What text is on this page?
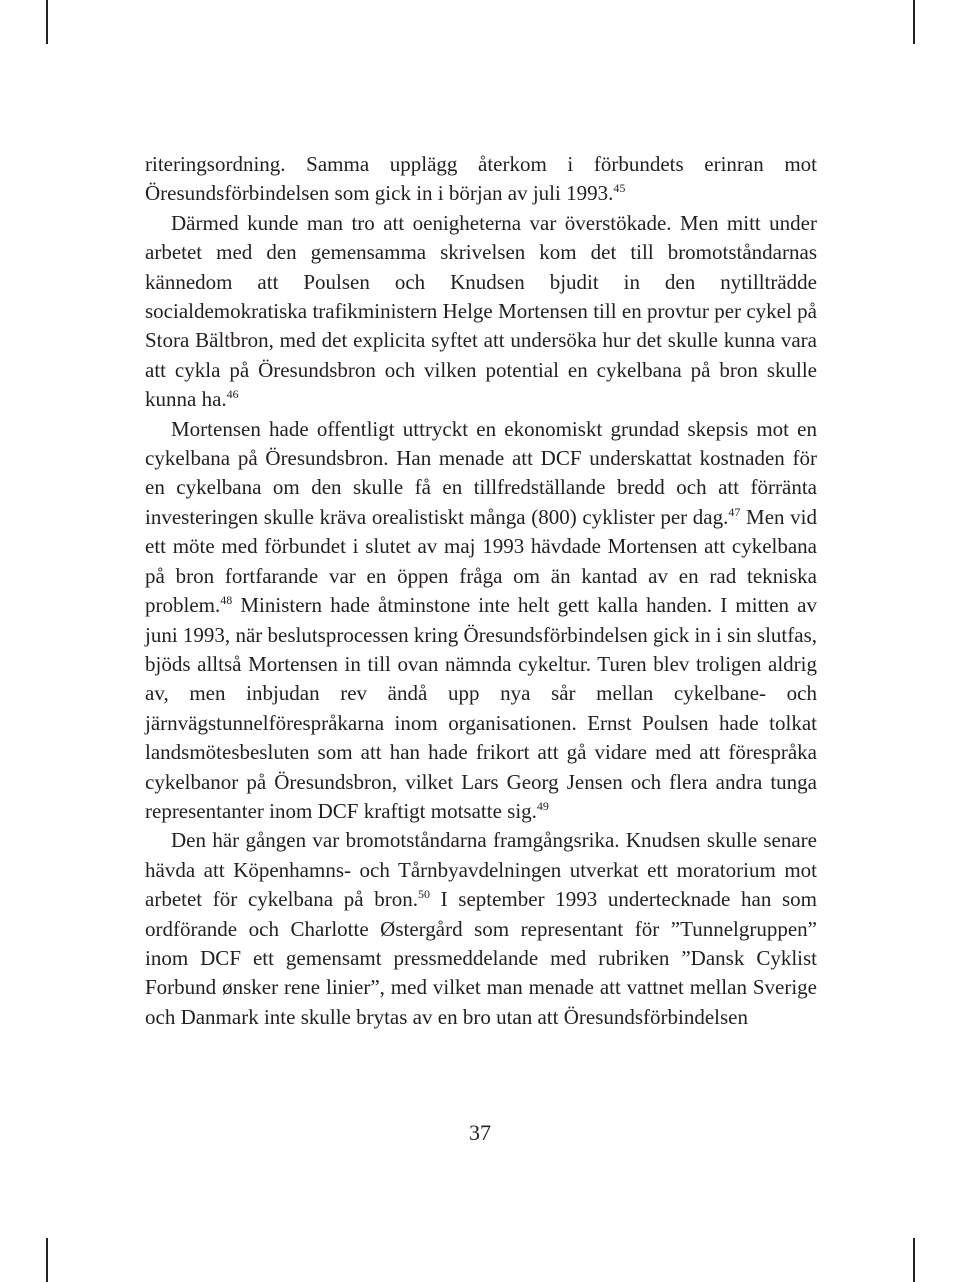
riteringsordning. Samma upplägg återkom i förbundets erinran mot Öresundsförbindelsen som gick in i början av juli 1993.45

Därmed kunde man tro att oenigheterna var överstökade. Men mitt under arbetet med den gemensamma skrivelsen kom det till bromotståndarnas kännedom att Poulsen och Knudsen bjudit in den nytillträdde socialdemokratiska trafikministern Helge Mortensen till en provtur per cykel på Stora Bältbron, med det explicita syftet att undersöka hur det skulle kunna vara att cykla på Öresundsbron och vilken potential en cykelbana på bron skulle kunna ha.$^{46}$

Mortensen hade offentligt uttryckt en ekonomiskt grundad skepsis mot en cykelbana på Öresundsbron. Han menade att DCF underskattat kostnaden för en cykelbana om den skulle få en tillfredställande bredd och att förränta investeringen skulle kräva orealistiskt många (800) cyklister per dag.$^{47}$ Men vid ett möte med förbundet i slutet av maj 1993 hävdade Mortensen att cykelbana på bron fortfarande var en öppen fråga om än kantad av en rad tekniska problem.$^{48}$ Ministern hade åtminstone inte helt gett kalla handen. I mitten av juni 1993, när beslutsprocessen kring Öresundsförbindelsen gick in i sin slutfas, bjöds alltså Mortensen in till ovan nämnda cykeltur. Turen blev troligen aldrig av, men inbjudan rev ändå upp nya sår mellan cykelbane- och järnvägstunnelförespråkarna inom organisationen. Ernst Poulsen hade tolkat landsmötesbesluten som att han hade frikort att gå vidare med att förespråka cykelbanor på Öresundsbron, vilket Lars Georg Jensen och flera andra tunga representanter inom DCF kraftigt motsatte sig.$^{49}$

Den här gången var bromotståndarna framgångsrika. Knudsen skulle senare hävda att Köpenhamns- och Tårnbyavdelningen utverkat ett moratorium mot arbetet för cykelbana på bron.$^{50}$ I september 1993 undertecknade han som ordförande och Charlotte Østergård som representant för ”Tunnelgruppen” inom DCF ett gemensamt pressmeddelande med rubriken ”Dansk Cyklist Forbund ønsker rene linier”, med vilket man menade att vattnet mellan Sverige och Danmark inte skulle brytas av en bro utan att Öresundsförbindelsen

37
